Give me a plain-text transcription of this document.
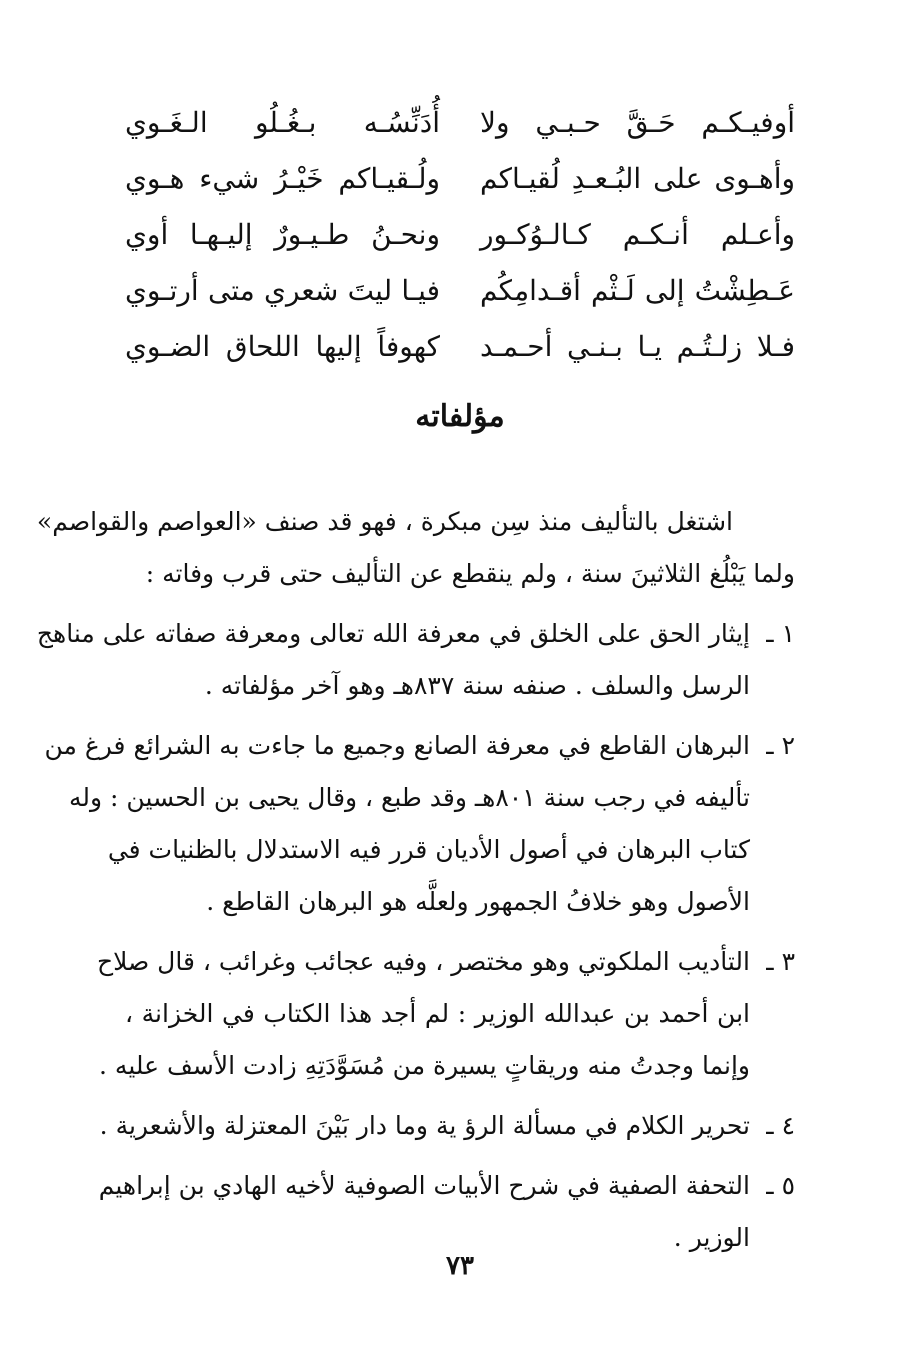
أوفيـكـم حَـقَّ حـبـي ولا
أُدَنِّسُـه بـغُـلُو الـغَـوي
وأهـوى على البُـعـدِ لُقيـاكم
ولُـقيـاكم خَيْـرُ شيء هـوي
وأعـلم أنـكـم كـالـوُكـور
ونحـنُ طـيـورٌ إليـهـا أوي
عَـطِشْتُ إلى لَـثْم أقـدامِكُم
فيـا ليتَ شعري متى أرتـوي
فـلا زلـتُـم يـا بـنـي أحـمـد
كهوفاً إليها اللحاق الضـوي
مؤلفاته
اشتغل بالتأليف منذ سِن مبكرة ، فهو قد صنف «العواصم والقواصم»
ولما يَبْلُغ الثلاثينَ سنة ، ولم ينقطع عن التأليف حتى قرب وفاته :
١ ـ
إيثار الحق على الخلق في معرفة الله تعالى ومعرفة صفاته على مناهج
الرسل والسلف . صنفه سنة ٨٣٧هـ وهو آخر مؤلفاته .
٢ ـ
البرهان القاطع في معرفة الصانع وجميع ما جاءت به الشرائع فرغ من
تأليفه في رجب سنة ٨٠١هـ وقد طبع ، وقال يحيى بن الحسين : وله
كتاب البرهان في أصول الأديان قرر فيه الاستدلال بالظنيات في
الأصول وهو خلافُ الجمهور ولعلَّه هو البرهان القاطع .
٣ ـ
التأديب الملكوتي وهو مختصر ، وفيه عجائب وغرائب ، قال صلاح
ابن أحمد بن عبدالله الوزير : لم أجد هذا الكتاب في الخزانة ،
وإنما وجدتُ منه وريقاتٍ يسيرة من مُسَوَّدَتِهِ زادت الأسف عليه .
٤ ـ
تحرير الكلام في مسألة الرؤ ية وما دار بَيْنَ المعتزلة والأشعرية .
٥ ـ
التحفة الصفية في شرح الأبيات الصوفية لأخيه الهادي بن إبراهيم
الوزير .
٧٣
